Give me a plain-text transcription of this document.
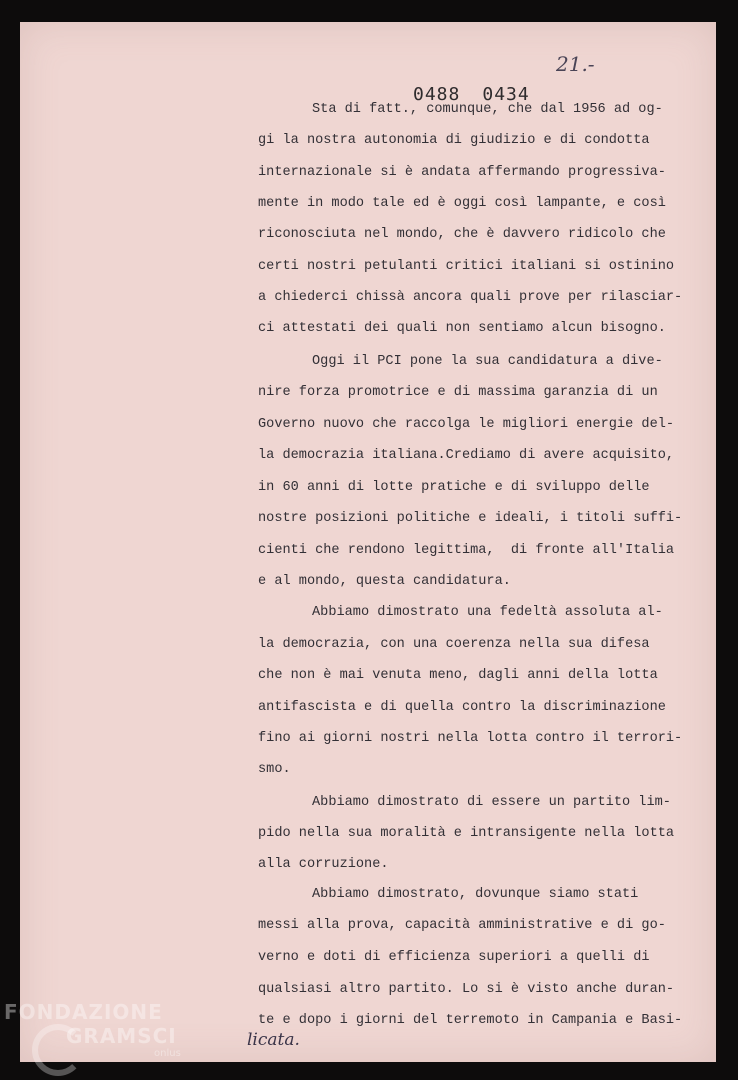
0488 0434
21.-
Sta di fatt., comunque, che dal 1956 ad og-
gi la nostra autonomia di giudizio e di condotta
internazionale si è andata affermando progressiva-
mente in modo tale ed è oggi così lampante, e così
riconosciuta nel mondo, che è davvero ridicolo che
certi nostri petulanti critici italiani si ostinino
a chiederci chissà ancora quali prove per rilasciar-
ci attestati dei quali non sentiamo alcun bisogno.
Oggi il PCI pone la sua candidatura a dive-
nire forza promotrice e di massima garanzia di un
Governo nuovo che raccolga le migliori energie del-
la democrazia italiana.Crediamo di avere acquisito,
in 60 anni di lotte pratiche e di sviluppo delle
nostre posizioni politiche e ideali, i titoli suffi-
cienti che rendono legittima,  di fronte all'Italia
e al mondo, questa candidatura.
Abbiamo dimostrato una fedeltà assoluta al-
la democrazia, con una coerenza nella sua difesa
che non è mai venuta meno, dagli anni della lotta
antifascista e di quella contro la discriminazione
fino ai giorni nostri nella lotta contro il terrori-
smo.
Abbiamo dimostrato di essere un partito lim-
pido nella sua moralità e intransigente nella lotta
alla corruzione.
Abbiamo dimostrato, dovunque siamo stati
messi alla prova, capacità amministrative e di go-
verno e doti di efficienza superiori a quelli di
qualsiasi altro partito. Lo si è visto anche duran-
te e dopo i giorni del terremoto in Campania e Basi-
licata.
FONDAZIONE
GRAMSCI
onlus
